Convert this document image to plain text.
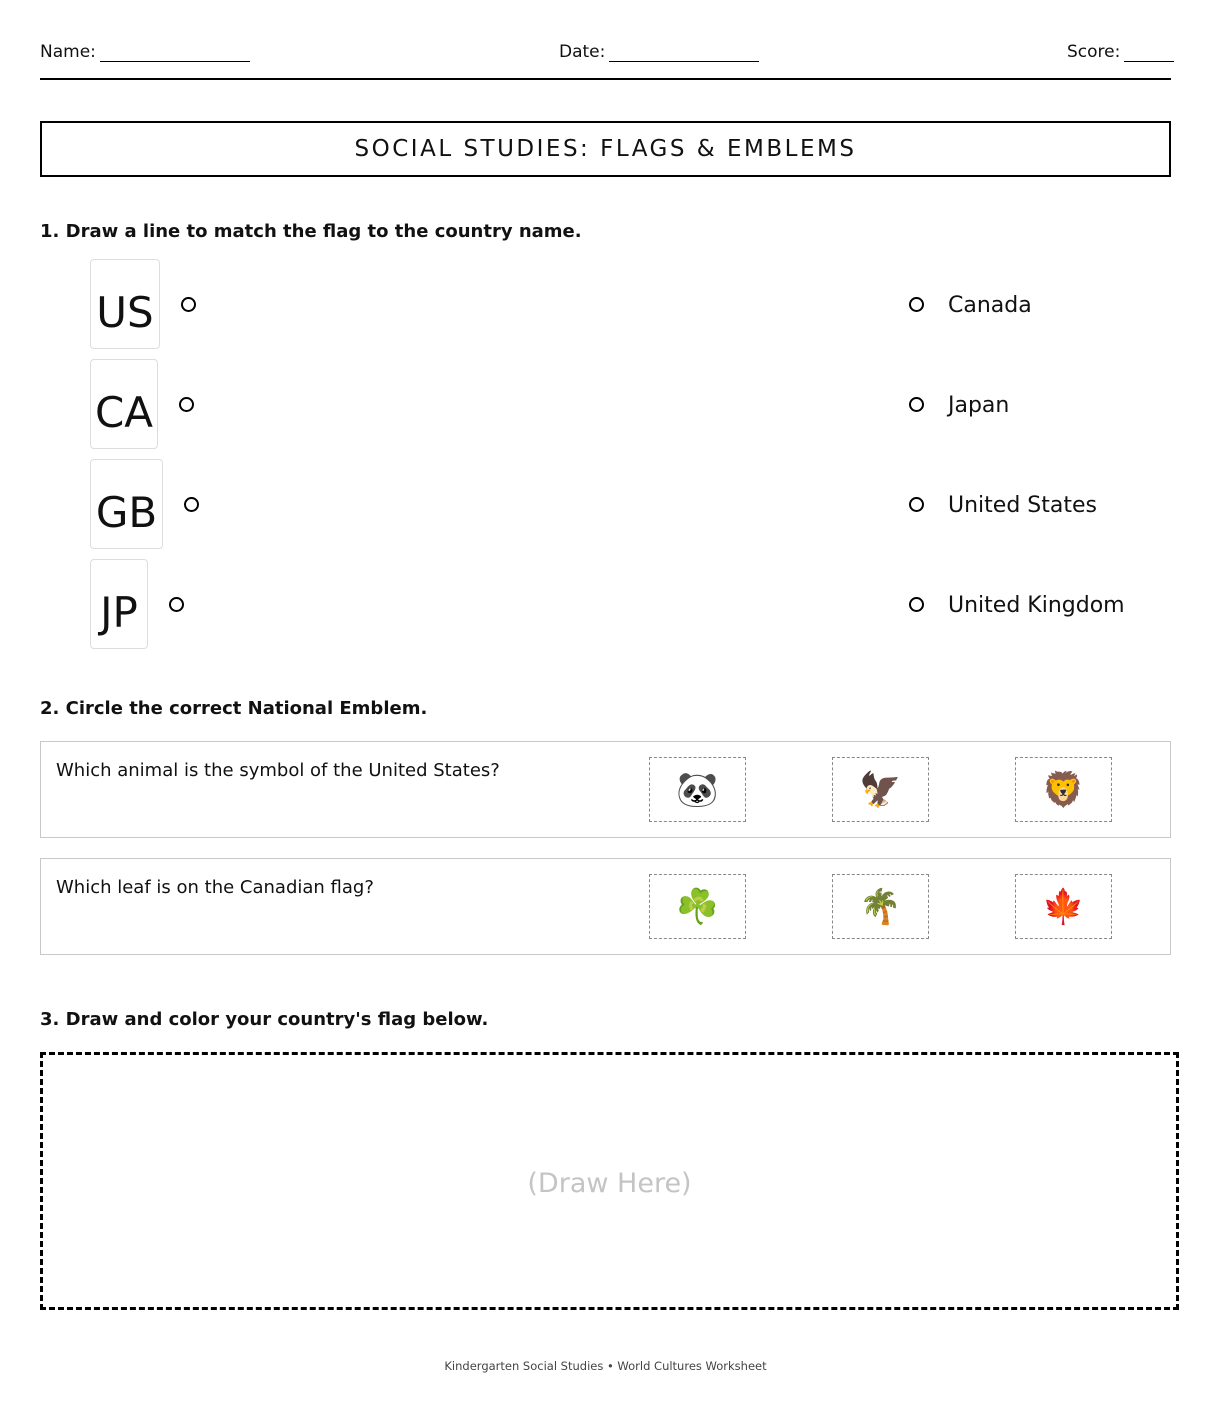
Name:	Date:	Score:
SOCIAL STUDIES: FLAGS & EMBLEMS
1. Draw a line to match the flag to the country name.
US
CA
GB
JP
Canada
Japan
United States
United Kingdom
2. Circle the correct National Emblem.
Which animal is the symbol of the United States?	🐼	🦅	🦁
Which leaf is on the Canadian flag?	☘️	🌴	🍁
3. Draw and color your country's flag below.
(Draw Here)
Kindergarten Social Studies • World Cultures Worksheet
